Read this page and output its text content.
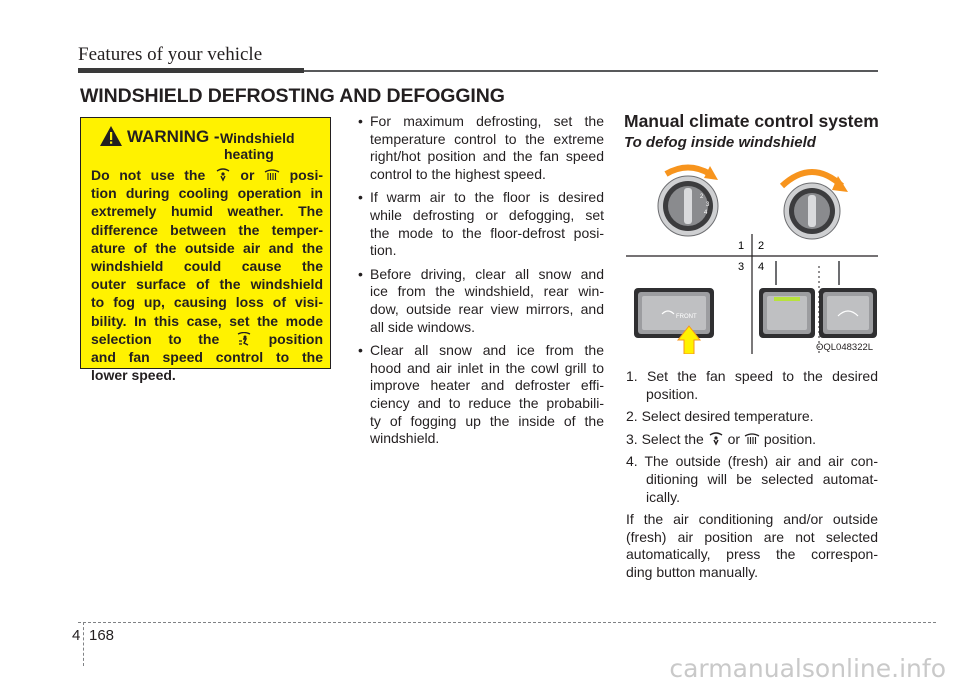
Features of your vehicle
WINDSHIELD DEFROSTING AND DEFOGGING
WARNING - Windshield
heating
Do not use the	or	posi-
tion during cooling operation in
extremely humid weather. The
difference between the temper-
ature of the outside air and the
windshield could cause the
outer surface of the windshield
to fog up, causing loss of visi-
bility. In this case, set the mode
selection to the	position
and fan speed control to the
lower speed.
• For maximum defrosting, set the
temperature control to the extreme
right/hot position and the fan speed
control to the highest speed.
• If warm air to the floor is desired
while defrosting or defogging, set
the mode to the floor-defrost posi-
tion.
• Before driving, clear all snow and
ice from the windshield, rear win-
dow, outside rear view mirrors, and
all side windows.
• Clear all snow and ice from the
hood and air inlet in the cowl grill to
improve heater and defroster effi-
ciency and to reduce the probabili-
ty of fogging up the inside of the
windshield.
Manual climate control system
To defog inside windshield
2
3
4
1 2
3 4
FRONT
OQL048322L
1. Set the fan speed to the desired
position.
2. Select desired temperature.
3. Select the or position.
4. The outside (fresh) air and air con-
ditioning will be selected automat-
ically.
If the air conditioning and/or outside
(fresh) air position are not selected
automatically, press the correspon-
ding button manually.
4 168
carmanualsonline.info
